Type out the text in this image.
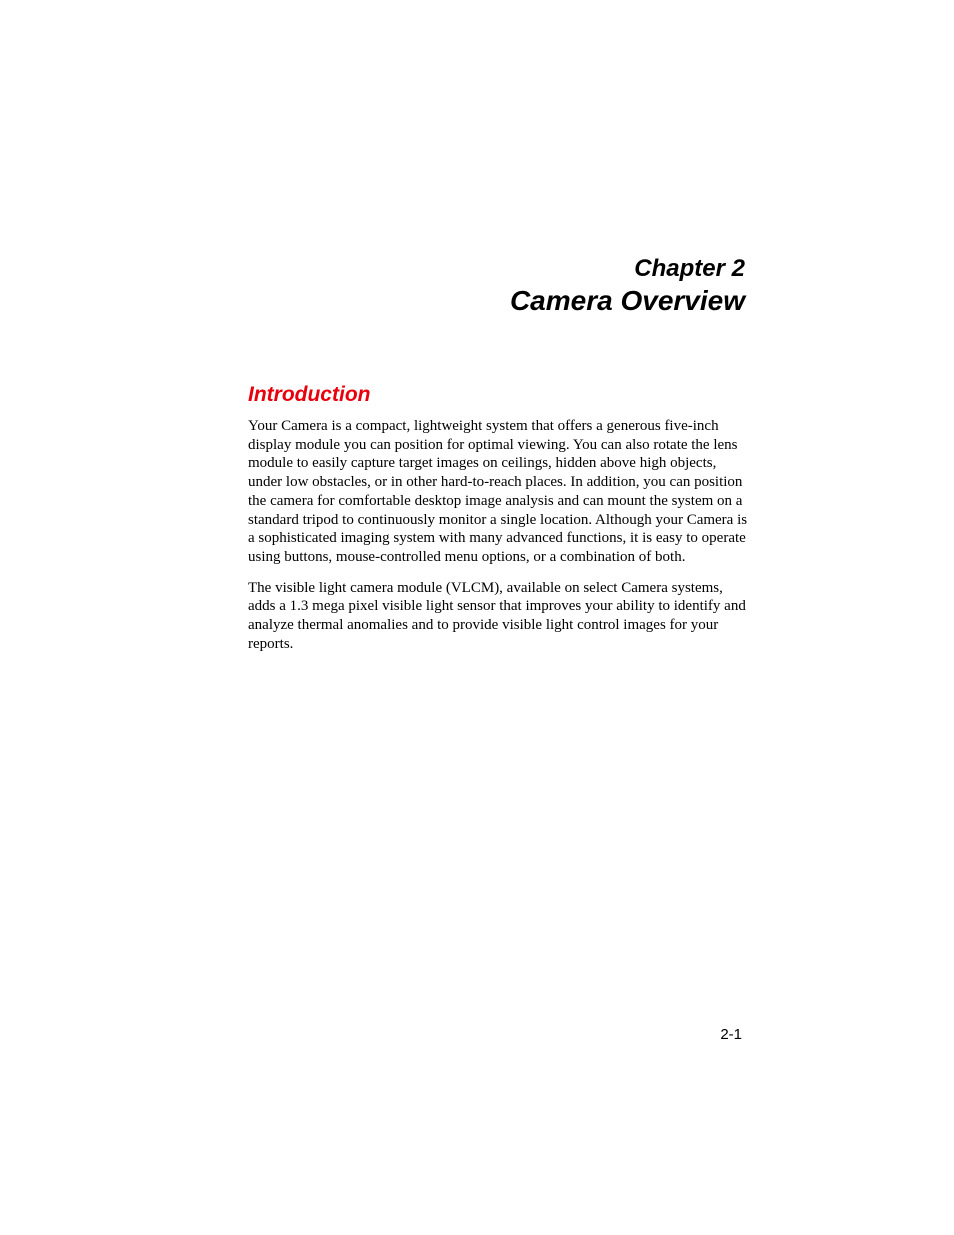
Chapter 2
Camera Overview
Introduction

Your Camera is a compact, lightweight system that offers a generous five-inch display module you can position for optimal viewing. You can also rotate the lens module to easily capture target images on ceilings, hidden above high objects, under low obstacles, or in other hard-to-reach places. In addition, you can position the camera for comfortable desktop image analysis and can mount the system on a standard tripod to continuously monitor a single location. Although your Camera is a sophisticated imaging system with many advanced functions, it is easy to operate using buttons, mouse-controlled menu options, or a combination of both.

The visible light camera module (VLCM), available on select Camera systems, adds a 1.3 mega pixel visible light sensor that improves your ability to identify and analyze thermal anomalies and to provide visible light control images for your reports.

2-1
